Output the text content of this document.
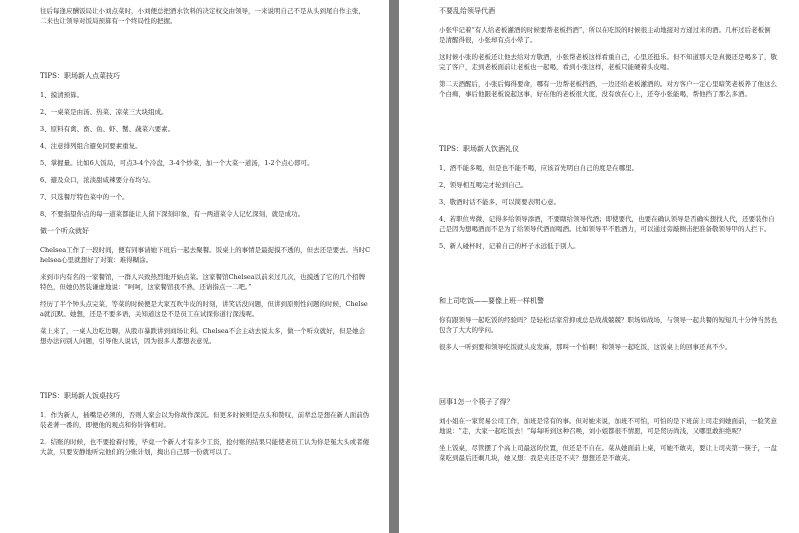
往后每逢应酬饭局让小刘点菜时，小刘便总把酒水饮料的决定权交由领导，一来说明自己不是从头到尾自作主张，二来也让领导对饭局预算有一个终局性的把握。

TIPS：职场新人点菜技巧

1、摸清预算。

2、一桌菜是由汤、热菜、凉菜三大块组成。

3、原料有禽、畜、鱼、虾、蟹、蔬菜六要素。

4、注意排列组合避免同要素重复。

5、掌握量。比如6人饭局，可点3-4个冷盘，3-4个炒菜，加一个大菜一道汤，1-2个点心即可。

6、避及众口，浓淡甜咸辣要分布均匀。

7、只选餐厅特色菜中的一个。

8、不要指望你点的每一道菜都能让人留下深刻印象，有一两道菜令人记忆深刻，就是成功。

做一个听众就好

Chelsea工作了一段时间，便有同事请她下班后一起去聚餐。饭桌上的事情是最捉摸不透的，但去还是要去。当时Chelsea心里就想好了对策：难得糊涂。

来到市内有名的一家餐馆，一群人兴致热烈地开始点菜。这家餐馆Chelsea以前来过几次，也摸透了它的几个招牌特色，但她仍然装谦虚地说：“呵呵，这家餐馆我不熟，还请指点一二吧。”

经历了半个钟头点完菜，等菜的时候便是大家互吹牛皮的时刻，讲笑话没问题，但讲到原则性问题的时候，Chelsea就沉默。她想，还是不要多语，关知道这是不是员工在试探你道行深浅呢。

菜上来了，一桌人边吃边聊，从股市暴跌讲到商场让利。Chelsea不会主动去说太多，做一个听众就好，但是她会想办法问别人问题，引导他人说话，因为很多人都想表意见。

TIPS：职场新人饭桌技巧

1．作为新人，插嘴是必须的，否则人家会以为你故作深沉。但更多时候则是点头和赞叹，前辈总是想在新人面前伪装老著一番的，即便他的观点和你针锋相对。

2．结账的时候，也不要抢着付账，毕竟一个新人才有多少工资，抢付账的结果只能使老员工认为你是冤大头或者傻大款，只要安静地听完他们的分账计划，掏出自己那一份就可以了。

不要乱给领导代酒

小张牢记着“有人给老板灌酒的时候要帮老板挡酒”，所以在吃饭的时候很主动地接对方递过来的酒。几杯过后老板倒是清醒得很，小张却有点小晕了。

这时候小张的老板还让他去给对方敬酒，小张帮老板这样看重自己，心里还挺乐。但不知道那天是真傻还是喝多了，敬完了客户，走到老板面前让老板也一起喝，看到小张这样，老板只能硬着头皮喝。

第二天酒醒后，小张后悔得要命，哪有一边帮老板挡酒，一边还给老板灌酒的。对方客户一定心里暗笑老板养了他这么个白痴，事后他跟老板说起这事，好在他的老板很大度，没有放在心上，还夸小张能喝，帮他挡了那么多酒。

TIPS：职场新人饮酒礼仪

1、酒不能多喝，但是也不能不喝，应该首先明白自己的度是在哪里。

2、领导相互喝完才轮到自己。

3、敬酒时话不能多，可以简要表明心意。

4、若职位卑微，记得多给领导添酒，不要瞎给领导代酒；即使要代，也要在确认领导是否确实想找人代，还要装作自己是因为想喝酒而不是为了给领导代酒而喝酒。比如领导平不胜酒力，可以通过旁敲侧击把准备敬领导甲的人拦下。

5、新人碰杯时，记着自己的杯子永远低于别人。

和上司吃饭——要像上班一样机警

你有跟领导一起吃饭的经验吗？是轻松话家常抑或总是战战兢兢？职场如战场，与领导一起共餐的短短几十分钟当然也包含了大大的学问。

很多人一听到要和领导吃饭就头皮发麻，那叫一个怕啊！和领导一起吃饭，这饭桌上的回事还真不少。

回事1怎一个筷子了得？

刘小姐在一家贸易公司工作，加班是常有的事。但对她来说，加班不可怕，可怕的是下班前上司走到她面前，一脸笑意地说：“走，大家一起吃饭去！”每每听到这种召唤，刘小姐都很不情愿，可是贸历尚浅，又哪里敢拒绝呢？

坐上饭桌，尽管摆了个高上司最远的位置，但还是不自在。菜从她面前上桌，可她不敢夹，要让上司夹第一筷子，一盘菜吃到最后还剩几块，她又想：我是夹还是不夹？想想还是不敢夹。
